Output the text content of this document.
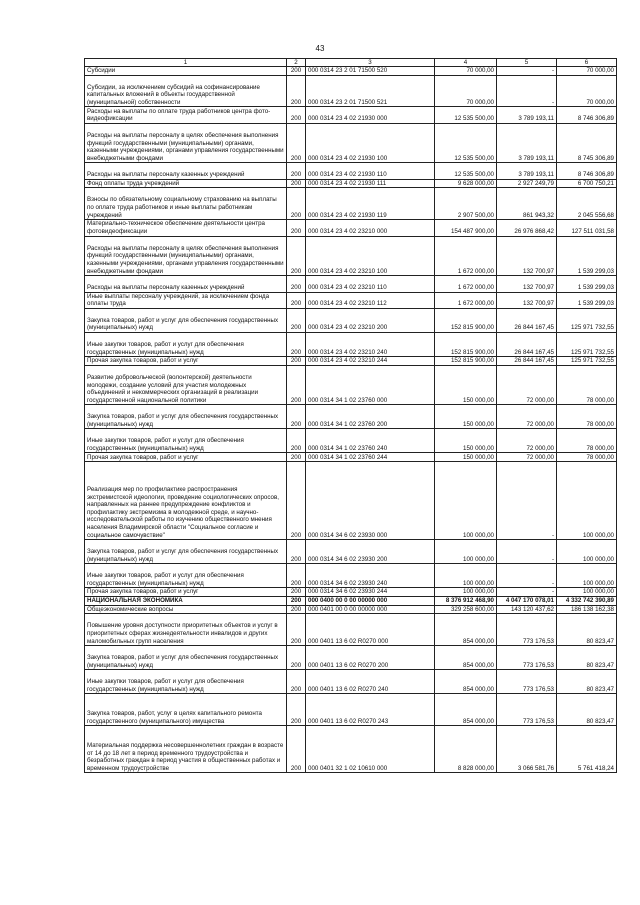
43
1	2	3	4	5	6
Субсидии	200	000 0314 23 2 01 71500 520	70 000,00	-	70 000,00
Субсидии, за исключением субсидий на софинансирование капитальных вложений в объекты государственной (муниципальной) собственности	200	000 0314 23 2 01 71500 521	70 000,00	-	70 000,00
Расходы на выплаты по оплате труда работников центра фото-видеофиксации	200	000 0314 23 4 02 21930 000	12 535 500,00	3 789 193,11	8 746 306,89
Расходы на выплаты персоналу в целях обеспечения выполнения функций государственными (муниципальными) органами, казенными учреждениями, органами управления государственными внебюджетными фондами	200	000 0314 23 4 02 21930 100	12 535 500,00	3 789 193,11	8 745 306,89
Расходы на выплаты персоналу казенных учреждений	200	000 0314 23 4 02 21930 110	12 535 500,00	3 789 193,11	8 746 306,89
Фонд оплаты труда учреждений	200	000 0314 23 4 02 21930 111	9 628 000,00	2 927 249,79	6 700 750,21
Взносы по обязательному социальному страхованию на выплаты по оплате труда работников и иные выплаты работникам учреждений	200	000 0314 23 4 02 21930 119	2 907 500,00	861 943,32	2 045 556,68
Материально-техническое обеспечение деятельности центра фотовидеофиксации	200	000 0314 23 4 02 23210 000	154 487 900,00	26 976 868,42	127 511 031,58
Расходы на выплаты персоналу в целях обеспечения выполнения функций государственными (муниципальными) органами, казенными учреждениями, органами управления государственными внебюджетными фондами	200	000 0314 23 4 02 23210 100	1 672 000,00	132 700,97	1 539 299,03
Расходы на выплаты персоналу казенных учреждений	200	000 0314 23 4 02 23210 110	1 672 000,00	132 700,97	1 539 299,03
Иные выплаты персоналу учреждений, за исключением фонда оплаты труда	200	000 0314 23 4 02 23210 112	1 672 000,00	132 700,97	1 539 299,03
Закупка товаров, работ и услуг для обеспечения государственных (муниципальных) нужд	200	000 0314 23 4 02 23210 200	152 815 900,00	26 844 167,45	125 971 732,55
Иные закупки товаров, работ и услуг для обеспечения государственных (муниципальных) нужд	200	000 0314 23 4 02 23210 240	152 815 900,00	26 844 167,45	125 971 732,55
Прочая закупка товаров, работ и услуг	200	000 0314 23 4 02 23210 244	152 815 900,00	26 844 167,45	125 971 732,55
Развитие добровольческой (волонтерской) деятельности молодежи, создание условий для участия молодежных объединений и некоммерческих организаций в реализации государственной национальной политики	200	000 0314 34 1 02 23760 000	150 000,00	72 000,00	78 000,00
Закупка товаров, работ и услуг для обеспечения государственных (муниципальных) нужд	200	000 0314 34 1 02 23760 200	150 000,00	72 000,00	78 000,00
Иные закупки товаров, работ и услуг для обеспечения государственных (муниципальных) нужд	200	000 0314 34 1 02 23760 240	150 000,00	72 000,00	78 000,00
Прочая закупка товаров, работ и услуг	200	000 0314 34 1 02 23760 244	150 000,00	72 000,00	78 000,00
Реализация мер по профилактике распространения экстремистской идеологии, проведение социологических опросов, направленных на раннее предупреждение конфликтов и профилактику экстремизма в молодежной среде, и научно-исследовательской работы по изучению общественного мнения населения Владимирской области "Социальное согласие и социальное самочувствие"	200	000 0314 34 6 02 23930 000	100 000,00	-	100 000,00
Закупка товаров, работ и услуг для обеспечения государственных (муниципальных) нужд	200	000 0314 34 6 02 23930 200	100 000,00	-	100 000,00
Иные закупки товаров, работ и услуг для обеспечения государственных (муниципальных) нужд	200	000 0314 34 6 02 23930 240	100 000,00	-	100 000,00
Прочая закупка товаров, работ и услуг	200	000 0314 34 6 02 23930 244	100 000,00	-	100 000,00
НАЦИОНАЛЬНАЯ ЭКОНОМИКА	200	000 0400 00 0 00 00000 000	8 376 912 468,90	4 047 170 078,01	4 332 742 390,89
Общеэкономические вопросы	200	000 0401 00 0 00 00000 000	329 258 600,00	143 120 437,62	186 138 162,38
Повышение уровня доступности приоритетных объектов и услуг в приоритетных сферах жизнедеятельности инвалидов и других маломобильных групп населения	200	000 0401 13 6 02 R0270 000	854 000,00	773 176,53	80 823,47
Закупка товаров, работ и услуг для обеспечения государственных (муниципальных) нужд	200	000 0401 13 6 02 R0270 200	854 000,00	773 176,53	80 823,47
Иные закупки товаров, работ и услуг для обеспечения государственных (муниципальных) нужд	200	000 0401 13 6 02 R0270 240	854 000,00	773 176,53	80 823,47
Закупка товаров, работ, услуг в целях капитального ремонта государственного (муниципального) имущества	200	000 0401 13 6 02 R0270 243	854 000,00	773 176,53	80 823,47
Материальная поддержка несовершеннолетних граждан в возрасте от 14 до 18 лет в период временного трудоустройства и безработных граждан в период участия в общественных работах и временном трудоустройстве	200	000 0401 32 1 02 10610 000	8 828 000,00	3 066 581,76	5 761 418,24
